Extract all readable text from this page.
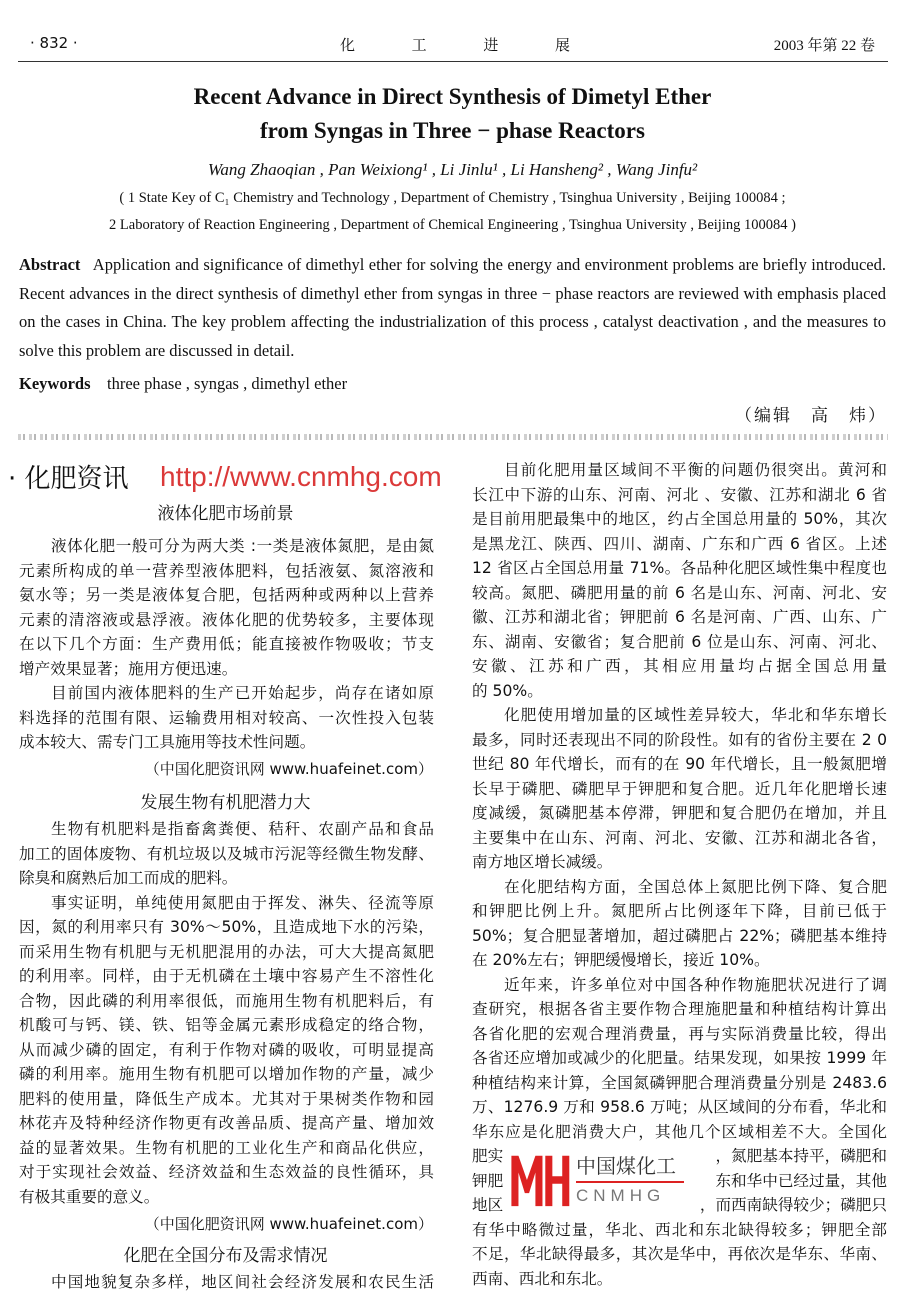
· 832 ·	化	工	进	展	2003 年第 22 卷
Recent Advance in Direct Synthesis of Dimetyl Ether
from Syngas in Three − phase Reactors
Wang Zhaoqian , Pan Weixiong¹ , Li Jinlu¹ , Li Hansheng² , Wang Jinfu²
( 1 State Key of C₁ Chemistry and Technology , Department of Chemistry , Tsinghua University , Beijing 100084 ;
2 Laboratory of Reaction Engineering , Department of Chemical Engineering , Tsinghua University , Beijing 100084 )
Abstract Application and significance of dimethyl ether for solving the energy and environment problems are briefly introduced. Recent advances in the direct synthesis of dimethyl ether from syngas in three − phase reactors are reviewed with emphasis placed on the cases in China. The key problem affecting the industrialization of this process , catalyst deactivation , and the measures to solve this problem are discussed in detail.
Keywords three phase , syngas , dimethyl ether
（编辑　高　炜）
· 化肥资讯 http://www.cnmhg.com
液体化肥市场前景
液体化肥一般可分为两大类 :一类是液体氮肥，是由氮
元素所构成的单一营养型液体肥料，包括液氨、氮溶液和
氨水等；另一类是液体复合肥，包括两种或两种以上营养
元素的清溶液或悬浮液。液体化肥的优势较多，主要体现
在以下几个方面：生产费用低；能直接被作物吸收；节支
增产效果显著；施用方便迅速。
目前国内液体肥料的生产已开始起步，尚存在诸如原
料选择的范围有限、运输费用相对较高、一次性投入包装
成本较大、需专门工具施用等技术性问题。
（中国化肥资讯网 www.huafeinet.com）
发展生物有机肥潜力大
生物有机肥料是指畜禽粪便、秸秆、农副产品和食品
加工的固体废物、有机垃圾以及城市污泥等经微生物发酵、
除臭和腐熟后加工而成的肥料。
事实证明，单纯使用氮肥由于挥发、淋失、径流等原
因，氮的利用率只有 30%～50%，且造成地下水的污染，
而采用生物有机肥与无机肥混用的办法，可大大提高氮肥
的利用率。同样，由于无机磷在土壤中容易产生不溶性化
合物，因此磷的利用率很低，而施用生物有机肥料后，有
机酸可与钙、镁、铁、铝等金属元素形成稳定的络合物，
从而减少磷的固定，有利于作物对磷的吸收，可明显提高
磷的利用率。施用生物有机肥可以增加作物的产量，减少
肥料的使用量，降低生产成本。尤其对于果树类作物和园
林花卉及特种经济作物更有改善品质、提高产量、增加效
益的显著效果。生物有机肥的工业化生产和商品化供应，
对于实现社会效益、经济效益和生态效益的良性循环，具
有极其重要的意义。
（中国化肥资讯网 www.huafeinet.com）
化肥在全国分布及需求情况
中国地貌复杂多样，地区间社会经济发展和农民生活
目前化肥用量区域间不平衡的问题仍很突出。黄河和
长江中下游的山东、河南、河北 、安徽、江苏和湖北 6 省
是目前用肥最集中的地区，约占全国总用量的 50%，其次
是黑龙江、陕西、四川、湖南、广东和广西 6 省区。上述
12 省区占全国总用量 71%。各品种化肥区域性集中程度也
较高。氮肥、磷肥用量的前 6 名是山东、河南、河北、安
徽、江苏和湖北省；钾肥前 6 名是河南、广西、山东、广
东、湖南、安徽省；复合肥前 6 位是山东、河南、河北、
安徽、江苏和广西，其相应用量均占据全国总用量
的 50%。
化肥使用增加量的区域性差异较大，华北和华东增长
最多，同时还表现出不同的阶段性。如有的省份主要在 2 0
世纪 80 年代增长，而有的在 90 年代增长，且一般氮肥增
长早于磷肥、磷肥早于钾肥和复合肥。近几年化肥增长速
度减缓，氮磷肥基本停滞，钾肥和复合肥仍在增加，并且
主要集中在山东、河南、河北、安徽、江苏和湖北各省，
南方地区增长减缓。
在化肥结构方面，全国总体上氮肥比例下降、复合肥
和钾肥比例上升。氮肥所占比例逐年下降，目前已低于
50%；复合肥显著增加，超过磷肥占 22%；磷肥基本维持
在 20%左右；钾肥缓慢增长，接近 10%。
近年来，许多单位对中国各种作物施肥状况进行了调
查研究，根据各省主要作物合理施肥量和种植结构计算出
各省化肥的宏观合理消费量，再与实际消费量比较，得出
各省还应增加或减少的化肥量。结果发现，如果按 1999 年
种植结构来计算，全国氮磷钾肥合理消费量分别是 2483.6
万、1276.9 万和 958.6 万吨；从区域间的分布看，华北和
华东应是化肥消费大户，其他几个区域相差不大。全国化
肥实	，氮肥基本持平，磷肥和
钾肥	东和华中已经过量，其他
地区	，而西南缺得较少；磷肥只
有华中略微过量，华北、西北和东北缺得较多；钾肥全部
不足，华北缺得最多，其次是华中，再依次是华东、华南、
西南、西北和东北。
中国煤化工
CNMHG
